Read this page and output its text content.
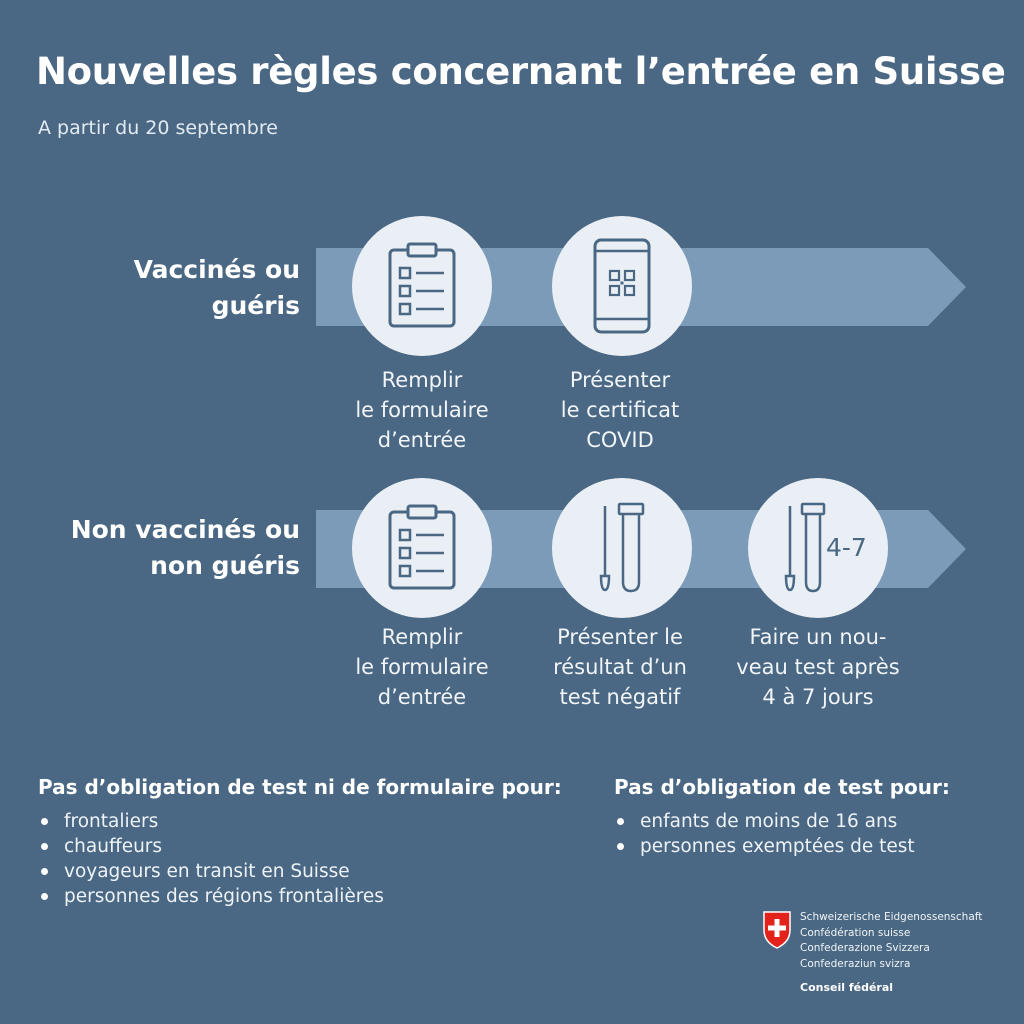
Nouvelles règles concernant l’entrée en Suisse
A partir du 20 septembre
Vaccinés ou
guéris
Non vaccinés ou
non guéris
Remplir
le formulaire
d’entrée
Présenter
le certificat
COVID
4-7
Remplir
le formulaire
d’entrée
Présenter le
résultat d’un
test négatif
Faire un nou-
veau test après
4 à 7 jours
Pas d’obligation de test ni de formulaire pour:
frontaliers
chauffeurs
voyageurs en transit en Suisse
personnes des régions frontalières
Pas d’obligation de test pour:
enfants de moins de 16 ans
personnes exemptées de test
Schweizerische Eidgenossenschaft
Confédération suisse
Confederazione Svizzera
Confederaziun svizra
Conseil fédéral
